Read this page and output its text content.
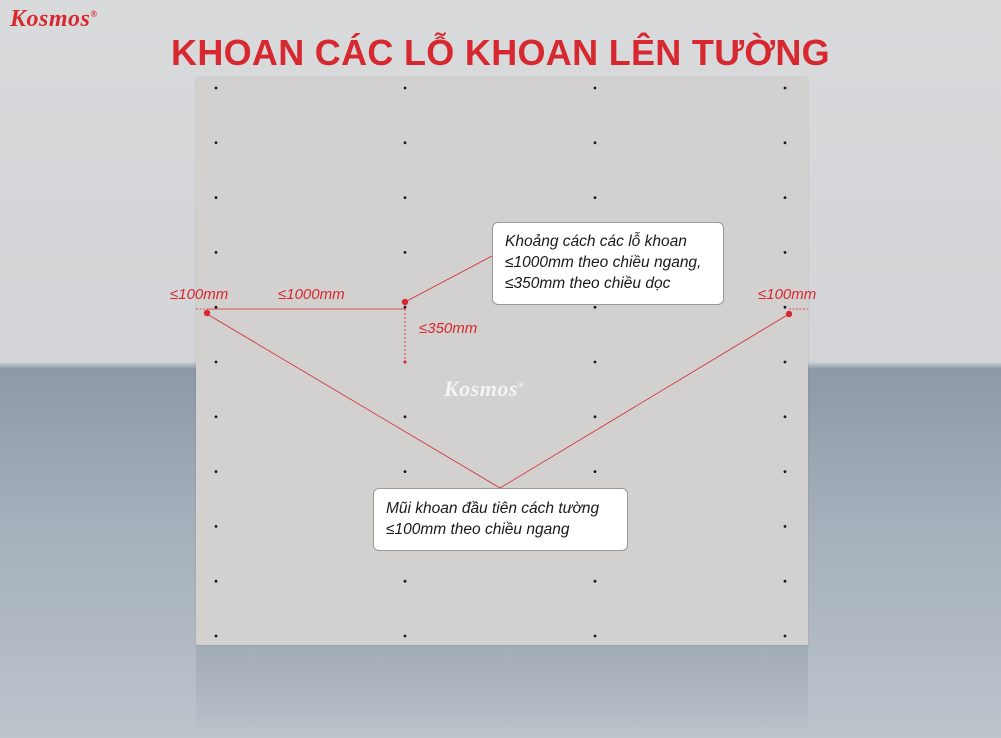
Kosmos®
KHOAN CÁC LỖ KHOAN LÊN TƯỜNG
Kosmos®
≤100mm	≤1000mm
≤350mm
≤100mm
Khoảng cách các lỗ khoan
≤1000mm theo chiều ngang,
≤350mm theo chiều dọc
Mũi khoan đầu tiên cách tường
≤100mm theo chiều ngang
